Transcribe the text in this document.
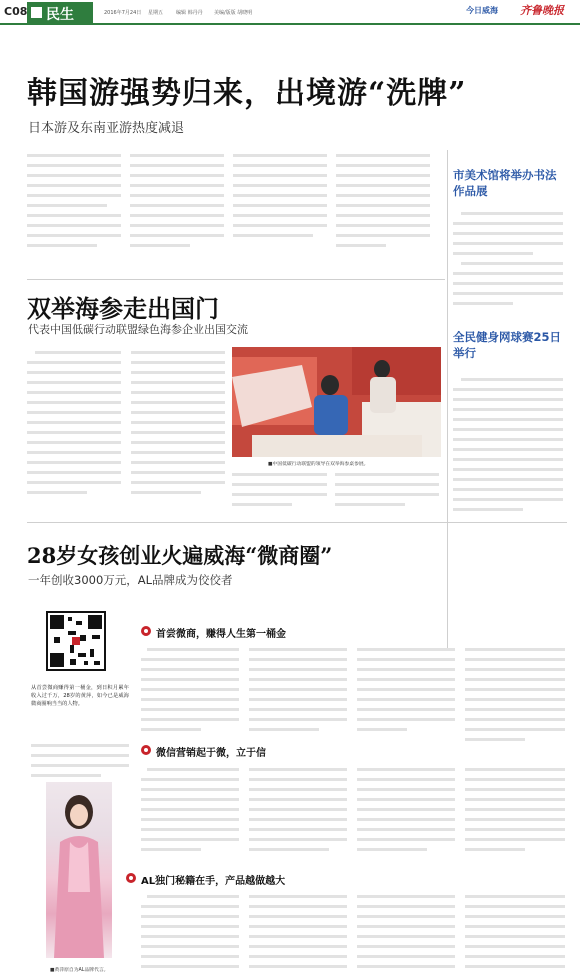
C08 民生	2016年7月24日 星期五	编辑 韩丹丹 美编/版版 胡晓明	今日威海 齐鲁晚报
韩国游强势归来，出境游“洗牌”
日本游及东南亚游热度减退
市美术馆将举办书法作品展
全民健身网球赛25日举行
双举海参走出国门
代表中国低碳行动联盟绿色海参企业出国交流
■中国低碳行动联盟的领导在双举海参桌参展。
28岁女孩创业火遍威海“微商圈”
一年创收3000万元，AL品牌成为佼佼者
从首尝微商赚得第一桶金，到日积月累年收入过千万，28岁的黄萍，如今已是威海微商圈响当当的人物。
■黄萍原自为AL品牌代言。
首尝微商，赚得人生第一桶金
微信营销起于微，立于信
AL独门秘籍在手，产品越做越大
